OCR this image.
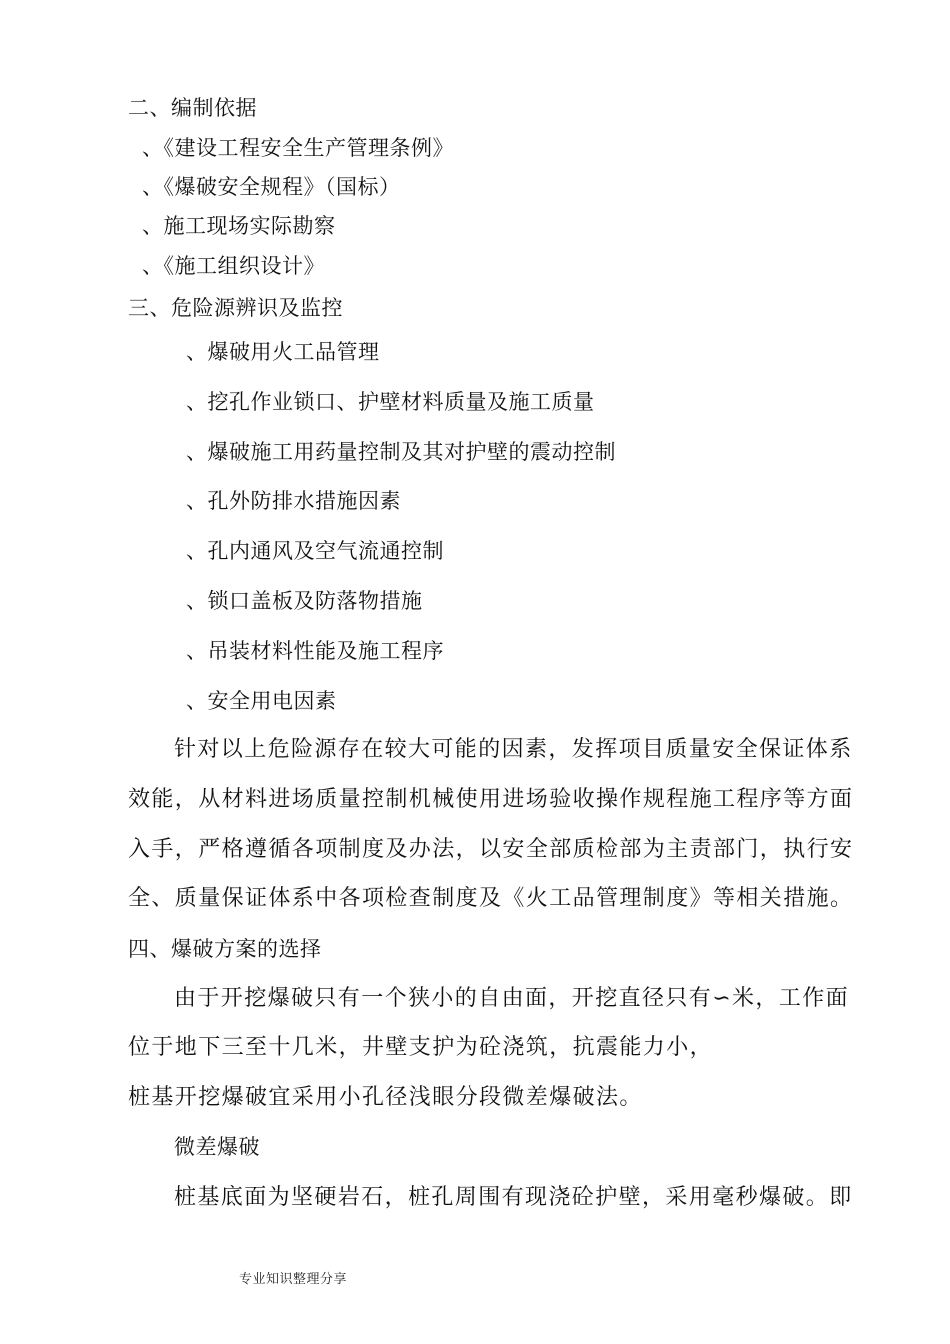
二、编制依据
、《建设工程安全生产管理条例》
、《爆破安全规程》（国标）
、施工现场实际勘察
、《施工组织设计》
三、危险源辨识及监控
、爆破用火工品管理
、挖孔作业锁口、护壁材料质量及施工质量
、爆破施工用药量控制及其对护壁的震动控制
、孔外防排水措施因素
、孔内通风及空气流通控制
、锁口盖板及防落物措施
、吊装材料性能及施工程序
、安全用电因素
针对以上危险源存在较大可能的因素，发挥项目质量安全保证体系
效能，从材料进场质量控制机械使用进场验收操作规程施工程序等方面
入手，严格遵循各项制度及办法，以安全部质检部为主责部门，执行安
全、质量保证体系中各项检查制度及《火工品管理制度》等相关措施。
四、爆破方案的选择
由于开挖爆破只有一个狭小的自由面，开挖直径只有∽米，工作面
位于地下三至十几米，井壁支护为砼浇筑，抗震能力小，
桩基开挖爆破宜采用小孔径浅眼分段微差爆破法。
微差爆破
桩基底面为坚硬岩石，桩孔周围有现浇砼护壁，采用毫秒爆破。即
专业知识整理分享
